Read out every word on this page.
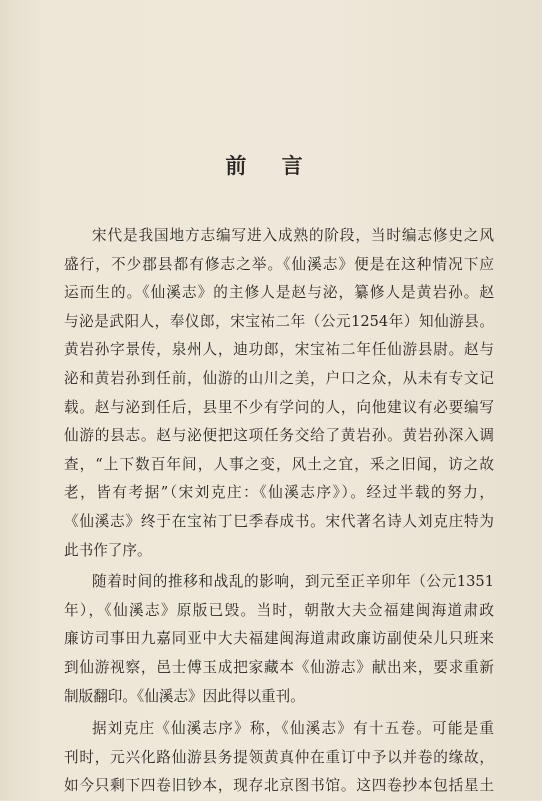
前 言
宋代是我国地方志编写进入成熟的阶段，当时编志修史之风
盛行，不少郡县都有修志之举。《仙溪志》便是在这种情况下应
运而生的。《仙溪志》的主修人是赵与泌，纂修人是黄岩孙。赵
与泌是武阳人，奉仪郎，宋宝祐二年（公元1254年）知仙游县。
黄岩孙字景传，泉州人，迪功郎，宋宝祐二年任仙游县尉。赵与
泌和黄岩孙到任前，仙游的山川之美，户口之众，从未有专文记
载。赵与泌到任后，县里不少有学问的人，向他建议有必要编写
仙游的县志。赵与泌便把这项任务交给了黄岩孙。黄岩孙深入调
查，“上下数百年间，人事之变，风土之宜，釆之旧闻，访之故
老，皆有考据”（宋刘克庄：《仙溪志序》）。经过半载的努力，
《仙溪志》终于在宝祐丁巳季春成书。宋代著名诗人刘克庄特为
此书作了序。
随着时间的推移和战乱的影响，到元至正辛卯年（公元1351
年），《仙溪志》原版已毁。当时，朝散大夫佥福建闽海道肃政
廉访司事田九嘉同亚中大夫福建闽海道肃政廉访副使朵儿只班来
到仙游视察，邑士傅玉成把家藏本《仙游志》献出来，要求重新
制版翻印。《仙溪志》因此得以重刊。
据刘克庄《仙溪志序》称，《仙溪志》有十五卷。可能是重
刊时，元兴化路仙游县务提领黄真仲在重订中予以并卷的缘故，
如今只剩下四卷旧钞本，现存北京图书馆。这四卷抄本包括星土
